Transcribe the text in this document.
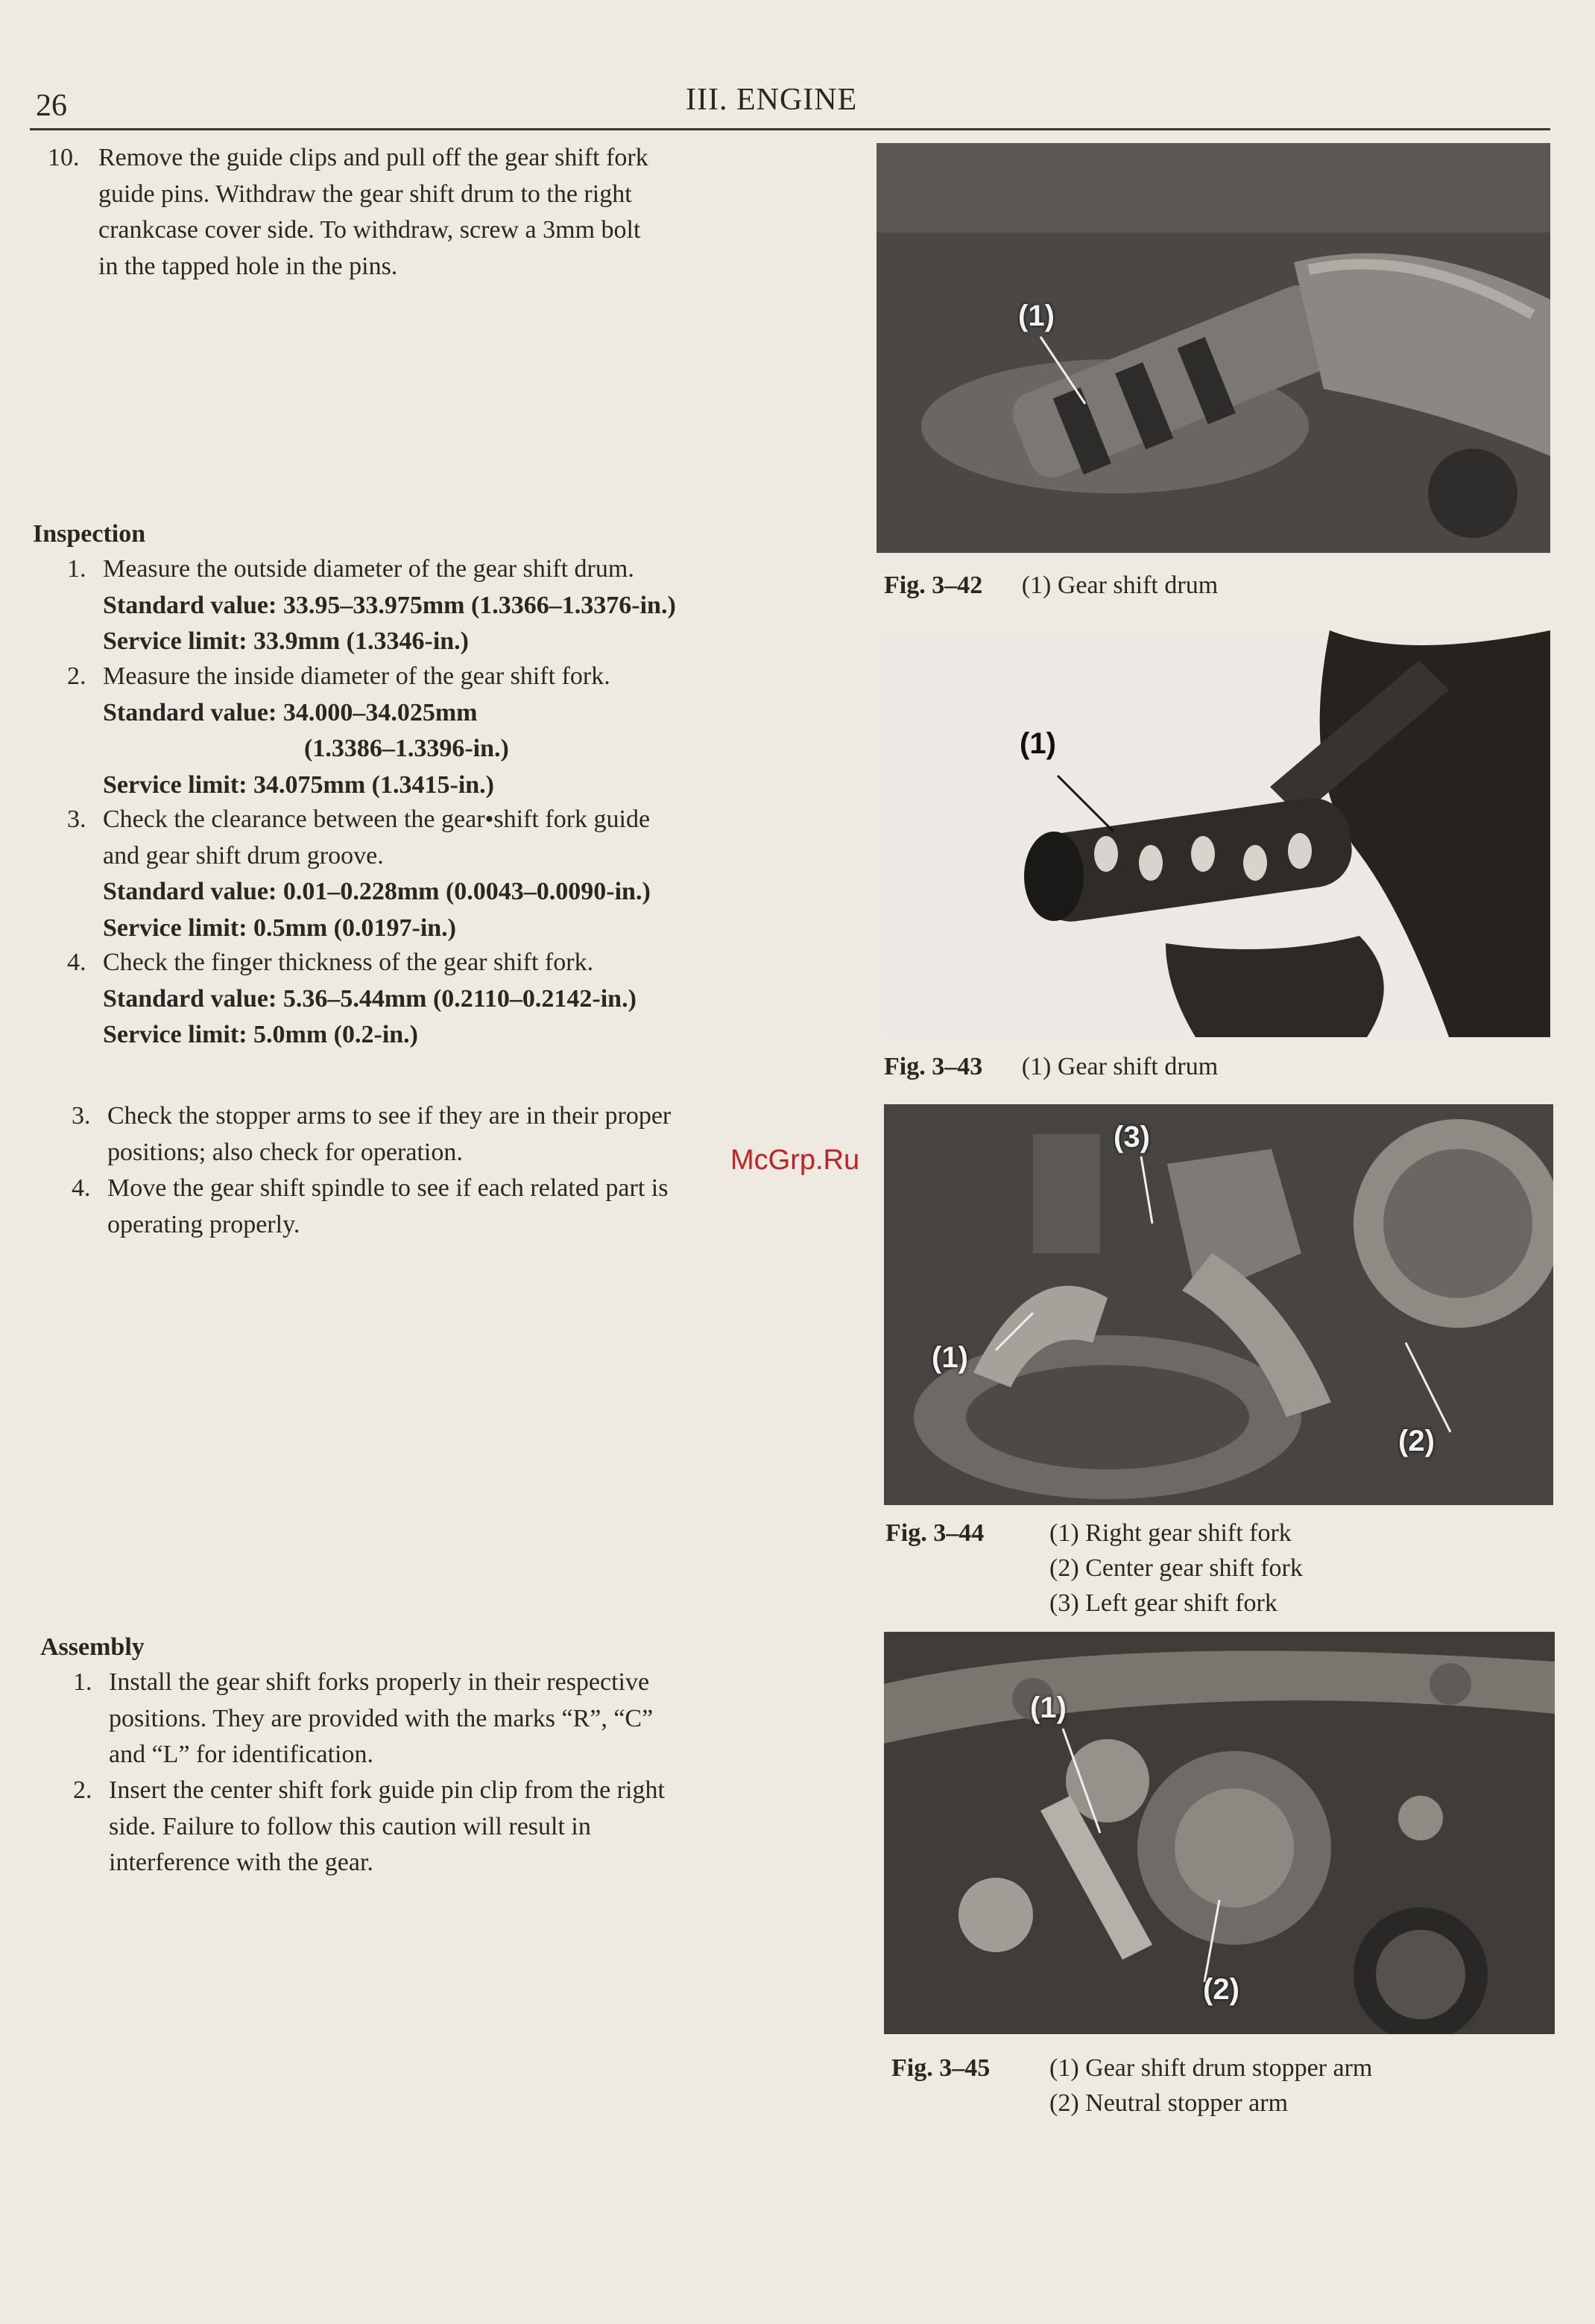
26	III. ENGINE
10. Remove the guide clips and pull off the gear shift fork
guide pins. Withdraw the gear shift drum to the right
crankcase cover side. To withdraw, screw a 3mm bolt
in the tapped hole in the pins.
Inspection
1. Measure the outside diameter of the gear shift drum.
Standard value: 33.95–33.975mm (1.3366–1.3376-in.)
Service limit: 33.9mm (1.3346-in.)
2. Measure the inside diameter of the gear shift fork.
Standard value: 34.000–34.025mm
(1.3386–1.3396-in.)
Service limit: 34.075mm (1.3415-in.)
3. Check the clearance between the gear•shift fork guide
and gear shift drum groove.
Standard value: 0.01–0.228mm (0.0043–0.0090-in.)
Service limit: 0.5mm (0.0197-in.)
4. Check the finger thickness of the gear shift fork.
Standard value: 5.36–5.44mm (0.2110–0.2142-in.)
Service limit: 5.0mm (0.2-in.)
3. Check the stopper arms to see if they are in their proper
positions; also check for operation.
4. Move the gear shift spindle to see if each related part is
operating properly.
Assembly
1. Install the gear shift forks properly in their respective
positions. They are provided with the marks “R”, “C”
and “L” for identification.
2. Insert the center shift fork guide pin clip from the right
side. Failure to follow this caution will result in
interference with the gear.
(1)
Fig. 3–42 (1) Gear shift drum
(1)
Fig. 3–43 (1) Gear shift drum
(3)
(1)
(2)
Fig. 3–44	(1) Right gear shift fork
(2) Center gear shift fork
(3) Left gear shift fork
(1)
(2)
Fig. 3–45 (1) Gear shift drum stopper arm
(2) Neutral stopper arm
McGrp.Ru
